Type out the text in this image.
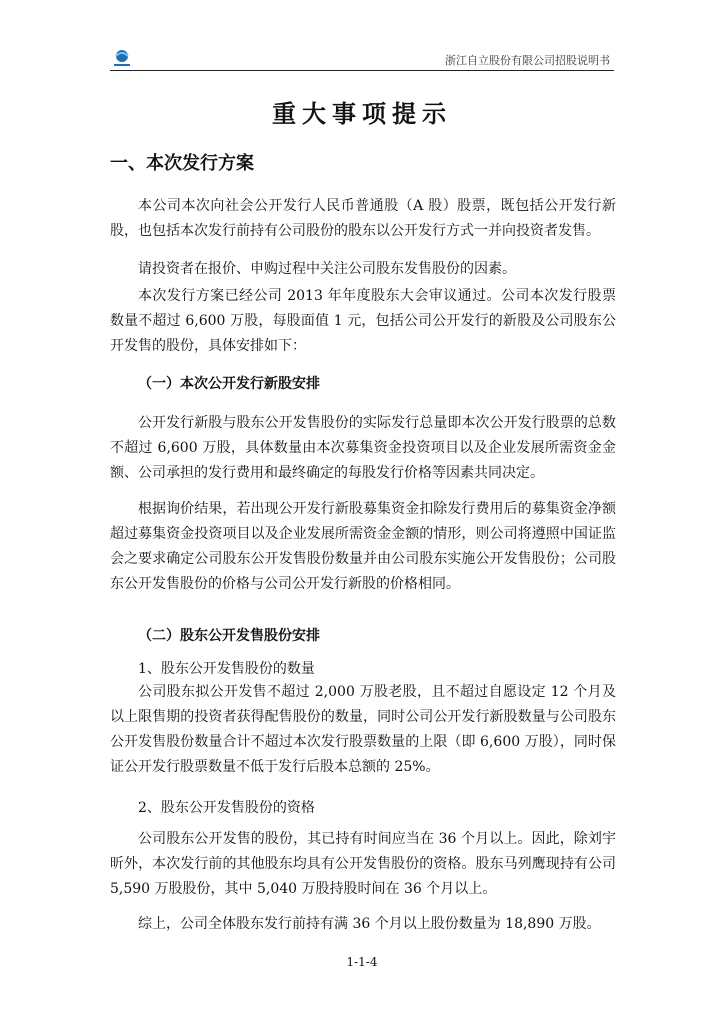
浙江自立股份有限公司招股说明书
重大事项提示
一、本次发行方案
本公司本次向社会公开发行人民币普通股（A 股）股票，既包括公开发行新股，也包括本次发行前持有公司股份的股东以公开发行方式一并向投资者发售。
请投资者在报价、申购过程中关注公司股东发售股份的因素。
本次发行方案已经公司 2013 年年度股东大会审议通过。公司本次发行股票数量不超过 6,600 万股，每股面值 1 元，包括公司公开发行的新股及公司股东公开发售的股份，具体安排如下：
（一）本次公开发行新股安排
公开发行新股与股东公开发售股份的实际发行总量即本次公开发行股票的总数不超过 6,600 万股，具体数量由本次募集资金投资项目以及企业发展所需资金金额、公司承担的发行费用和最终确定的每股发行价格等因素共同决定。
根据询价结果，若出现公开发行新股募集资金扣除发行费用后的募集资金净额超过募集资金投资项目以及企业发展所需资金金额的情形，则公司将遵照中国证监会之要求确定公司股东公开发售股份数量并由公司股东实施公开发售股份；公司股东公开发售股份的价格与公司公开发行新股的价格相同。
（二）股东公开发售股份安排
1、股东公开发售股份的数量
公司股东拟公开发售不超过 2,000 万股老股，且不超过自愿设定 12 个月及以上限售期的投资者获得配售股份的数量，同时公司公开发行新股数量与公司股东公开发售股份数量合计不超过本次发行股票数量的上限（即 6,600 万股），同时保证公开发行股票数量不低于发行后股本总额的 25%。
2、股东公开发售股份的资格
公司股东公开发售的股份，其已持有时间应当在 36 个月以上。因此，除刘宇昕外，本次发行前的其他股东均具有公开发售股份的资格。股东马列鹰现持有公司 5,590 万股股份，其中 5,040 万股持股时间在 36 个月以上。
综上，公司全体股东发行前持有满 36 个月以上股份数量为 18,890 万股。
1-1-4
